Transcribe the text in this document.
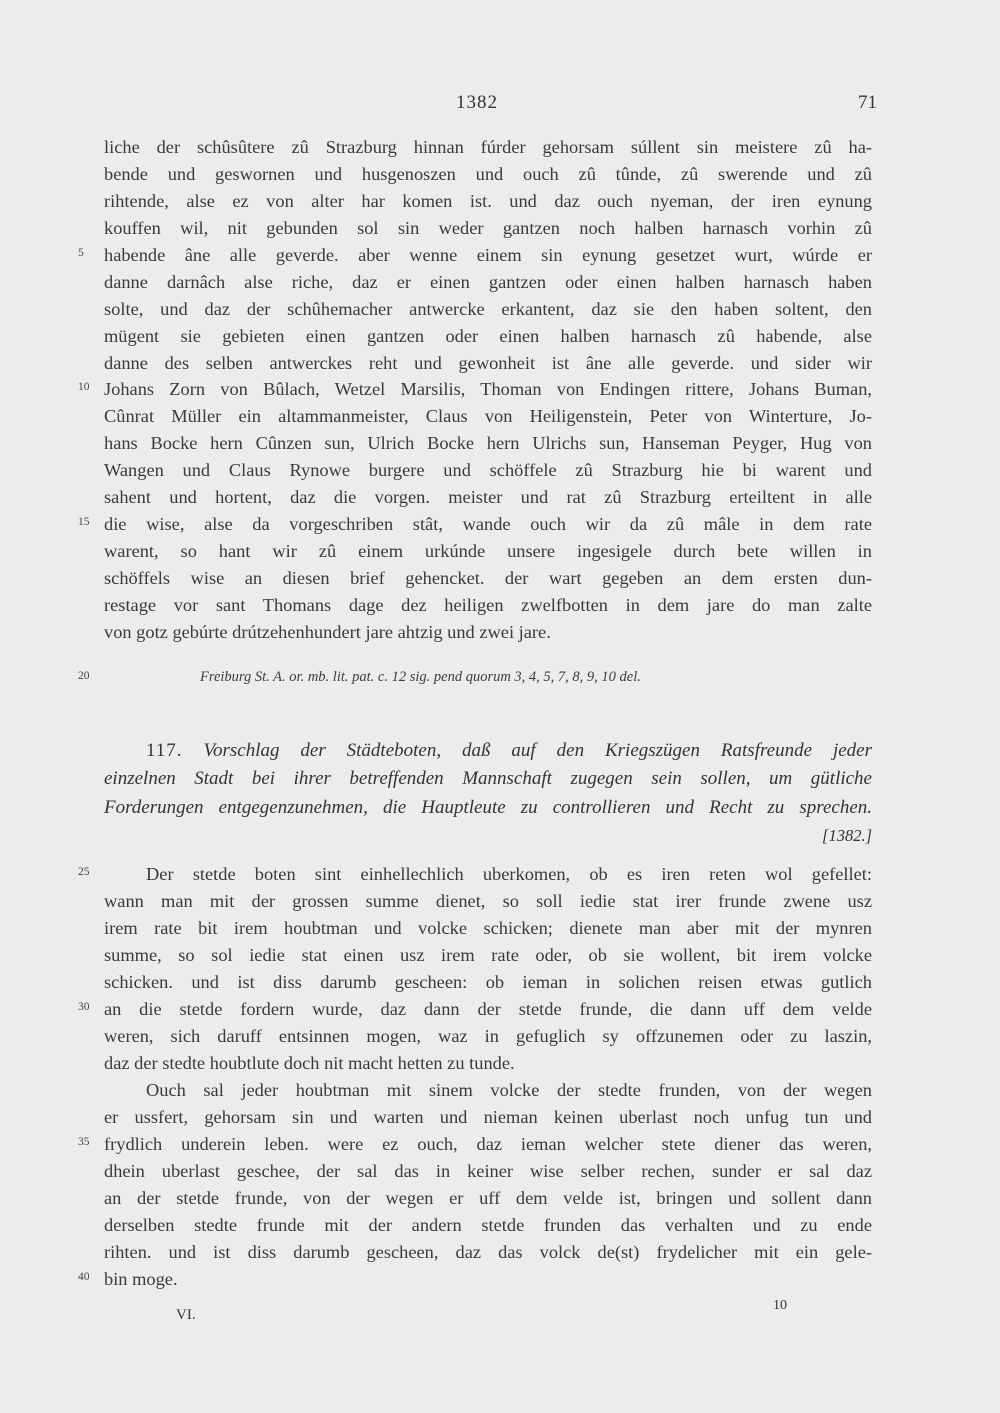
1382	71
liche der schûsûtere zû Strazburg hinnan fúrder gehorsam súllent sin meistere zû ha-
bende und geswornen und husgenoszen und ouch zû tûnde, zû swerende und zû
rihtende, alse ez von alter har komen ist. und daz ouch nyeman, der iren eynung
kouffen wil, nit gebunden sol sin weder gantzen noch halben harnasch vorhin zû
habende âne alle geverde. aber wenne einem sin eynung gesetzet wurt, wúrde er
danne darnâch alse riche, daz er einen gantzen oder einen halben harnasch haben
solte, und daz der schûhemacher antwercke erkantent, daz sie den haben soltent, den
mügent sie gebieten einen gantzen oder einen halben harnasch zû habende, alse
danne des selben antwerckes reht und gewonheit ist âne alle geverde. und sider wir
Johans Zorn von Bûlach, Wetzel Marsilis, Thoman von Endingen rittere, Johans Buman,
Cûnrat Müller ein altammanmeister, Claus von Heiligenstein, Peter von Winterture, Jo-
hans Bocke hern Cûnzen sun, Ulrich Bocke hern Ulrichs sun, Hanseman Peyger, Hug von
Wangen und Claus Rynowe burgere und schöffele zû Strazburg hie bi warent und
sahent und hortent, daz die vorgen. meister und rat zû Strazburg erteiltent in alle
die wise, alse da vorgeschriben stât, wande ouch wir da zû mâle in dem rate
warent, so hant wir zû einem urkúnde unsere ingesigele durch bete willen in
schöffels wise an diesen brief gehencket. der wart gegeben an dem ersten dun-
restage vor sant Thomans dage dez heiligen zwelfbotten in dem jare do man zalte
von gotz gebúrte drútzehenhundert jare ahtzig und zwei jare.
Freiburg St. A. or. mb. lit. pat. c. 12 sig. pend quorum 3, 4, 5, 7, 8, 9, 10 del.
117. Vorschlag der Städteboten, daß auf den Kriegszügen Ratsfreunde jeder
einzelnen Stadt bei ihrer betreffenden Mannschaft zugegen sein sollen, um gütliche
Forderungen entgegenzunehmen, die Hauptleute zu controllieren und Recht zu sprechen.
[1382.]
Der stetde boten sint einhellechlich uberkomen, ob es iren reten wol gefellet:
wann man mit der grossen summe dienet, so soll iedie stat irer frunde zwene usz
irem rate bit irem houbtman und volcke schicken; dienete man aber mit der mynren
summe, so sol iedie stat einen usz irem rate oder, ob sie wollent, bit irem volcke
schicken. und ist diss darumb gescheen: ob ieman in solichen reisen etwas gutlich
an die stetde fordern wurde, daz dann der stetde frunde, die dann uff dem velde
weren, sich daruff entsinnen mogen, waz in gefuglich sy offzunemen oder zu laszin,
daz der stedte houbtlute doch nit macht hetten zu tunde.
Ouch sal jeder houbtman mit sinem volcke der stedte frunden, von der wegen
er ussfert, gehorsam sin und warten und nieman keinen uberlast noch unfug tun und
frydlich underein leben. were ez ouch, daz ieman welcher stete diener das weren,
dhein uberlast geschee, der sal das in keiner wise selber rechen, sunder er sal daz
an der stetde frunde, von der wegen er uff dem velde ist, bringen und sollent dann
derselben stedte frunde mit der andern stetde frunden das verhalten und zu ende
rihten. und ist diss darumb gescheen, daz das volck de(st) frydelicher mit ein gele-
bin moge.
5
10
15
20
25
30
35
40
VI.
10
